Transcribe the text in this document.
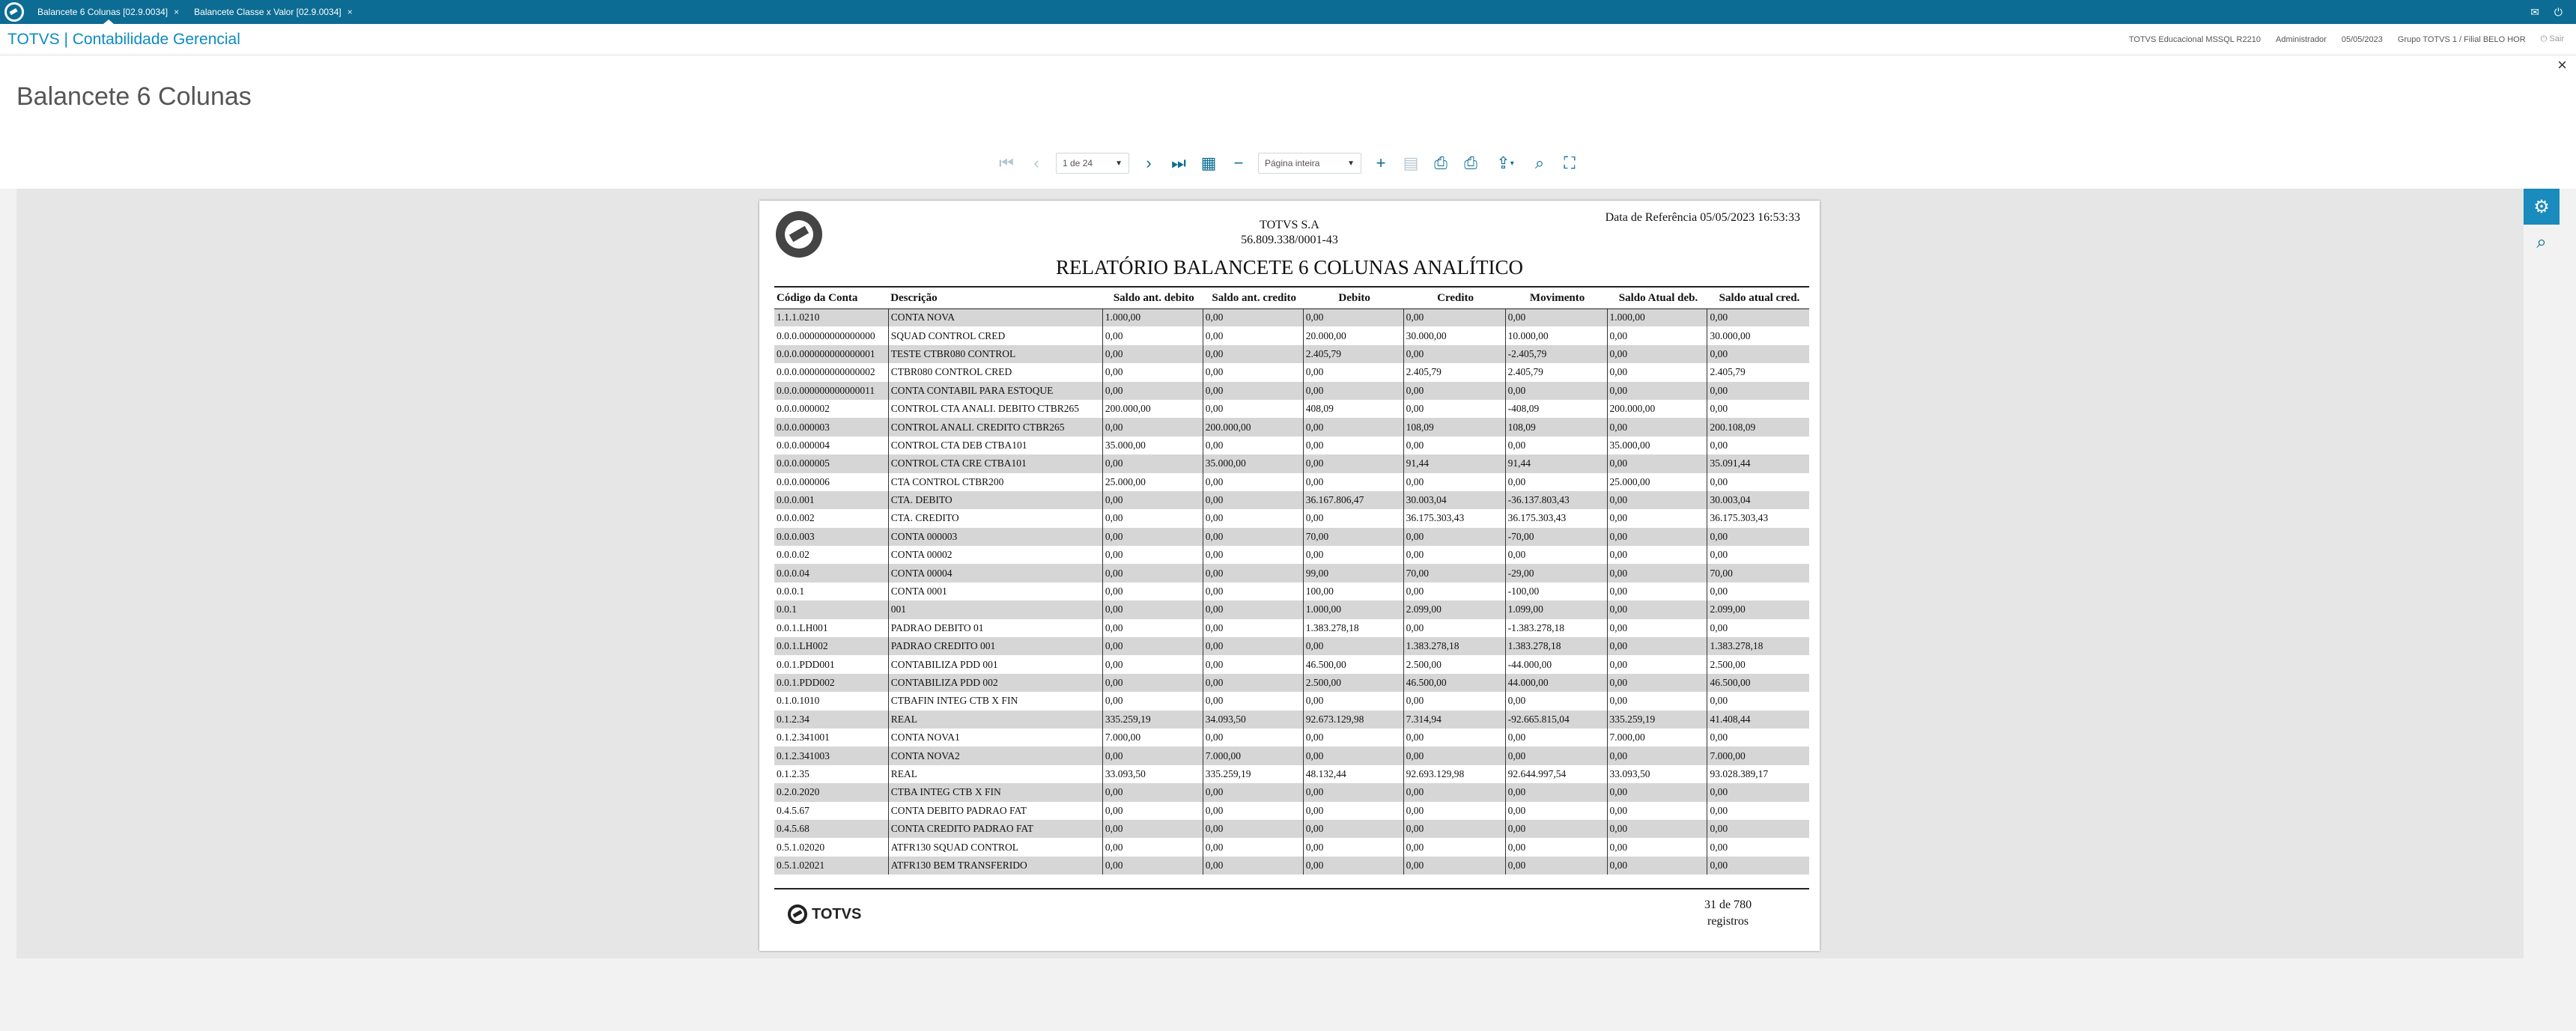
Balancete 6 Colunas [02.9.0034] × Balancete Classe x Valor [02.9.0034] ×	✉ ⏻
TOTVS | Contabilidade Gerencial	TOTVS Educacional MSSQL R2210 Administrador 05/05/2023 Grupo TOTVS 1 / Filial BELO HOR ⏻ Sair
×
Balancete 6 Colunas
⏮	‹	1 de 24	▼	›	⏭ ▦	−	Página inteira	▼	+	▤ ⎙	⎙	⇪ ▾	⌕	⛶
⚙
⌕
TOTVS S.A
56.809.338/0001-43
Data de Referência 05/05/2023 16:53:33
RELATÓRIO BALANCETE 6 COLUNAS ANALÍTICO
Código da Conta	Descrição	Saldo ant. debito	Saldo ant. credito	Debito	Credito	Movimento	Saldo Atual deb.	Saldo atual cred.
1.1.1.0210	CONTA NOVA	1.000,00	0,00	0,00	0,00	0,00	1.000,00	0,00
0.0.0.000000000000000	SQUAD CONTROL CRED	0,00	0,00	20.000,00	30.000,00	10.000,00	0,00	30.000,00
0.0.0.000000000000001	TESTE CTBR080 CONTROL	0,00	0,00	2.405,79	0,00	-2.405,79	0,00	0,00
0.0.0.000000000000002	CTBR080 CONTROL CRED	0,00	0,00	0,00	2.405,79	2.405,79	0,00	2.405,79
0.0.0.000000000000011	CONTA CONTABIL PARA ESTOQUE	0,00	0,00	0,00	0,00	0,00	0,00	0,00
0.0.0.000002	CONTROL CTA ANALI. DEBITO CTBR265	200.000,00	0,00	408,09	0,00	-408,09	200.000,00	0,00
0.0.0.000003	CONTROL ANALI. CREDITO CTBR265	0,00	200.000,00	0,00	108,09	108,09	0,00	200.108,09
0.0.0.000004	CONTROL CTA DEB CTBA101	35.000,00	0,00	0,00	0,00	0,00	35.000,00	0,00
0.0.0.000005	CONTROL CTA CRE CTBA101	0,00	35.000,00	0,00	91,44	91,44	0,00	35.091,44
0.0.0.000006	CTA CONTROL CTBR200	25.000,00	0,00	0,00	0,00	0,00	25.000,00	0,00
0.0.0.001	CTA. DEBITO	0,00	0,00	36.167.806,47	30.003,04	-36.137.803,43	0,00	30.003,04
0.0.0.002	CTA. CREDITO	0,00	0,00	0,00	36.175.303,43	36.175.303,43	0,00	36.175.303,43
0.0.0.003	CONTA 000003	0,00	0,00	70,00	0,00	-70,00	0,00	0,00
0.0.0.02	CONTA 00002	0,00	0,00	0,00	0,00	0,00	0,00	0,00
0.0.0.04	CONTA 00004	0,00	0,00	99,00	70,00	-29,00	0,00	70,00
0.0.0.1	CONTA 0001	0,00	0,00	100,00	0,00	-100,00	0,00	0,00
0.0.1	001	0,00	0,00	1.000,00	2.099,00	1.099,00	0,00	2.099,00
0.0.1.LH001	PADRAO DEBITO 01	0,00	0,00	1.383.278,18	0,00	-1.383.278,18	0,00	0,00
0.0.1.LH002	PADRAO CREDITO 001	0,00	0,00	0,00	1.383.278,18	1.383.278,18	0,00	1.383.278,18
0.0.1.PDD001	CONTABILIZA PDD 001	0,00	0,00	46.500,00	2.500,00	-44.000,00	0,00	2.500,00
0.0.1.PDD002	CONTABILIZA PDD 002	0,00	0,00	2.500,00	46.500,00	44.000,00	0,00	46.500,00
0.1.0.1010	CTBAFIN INTEG CTB X FIN	0,00	0,00	0,00	0,00	0,00	0,00	0,00
0.1.2.34	REAL	335.259,19	34.093,50	92.673.129,98	7.314,94	-92.665.815,04	335.259,19	41.408,44
0.1.2.341001	CONTA NOVA1	7.000,00	0,00	0,00	0,00	0,00	7.000,00	0,00
0.1.2.341003	CONTA NOVA2	0,00	7.000,00	0,00	0,00	0,00	0,00	7.000,00
0.1.2.35	REAL	33.093,50	335.259,19	48.132,44	92.693.129,98	92.644.997,54	33.093,50	93.028.389,17
0.2.0.2020	CTBA INTEG CTB X FIN	0,00	0,00	0,00	0,00	0,00	0,00	0,00
0.4.5.67	CONTA DEBITO PADRAO FAT	0,00	0,00	0,00	0,00	0,00	0,00	0,00
0.4.5.68	CONTA CREDITO PADRAO FAT	0,00	0,00	0,00	0,00	0,00	0,00	0,00
0.5.1.02020	ATFR130 SQUAD CONTROL	0,00	0,00	0,00	0,00	0,00	0,00	0,00
0.5.1.02021	ATFR130 BEM TRANSFERIDO	0,00	0,00	0,00	0,00	0,00	0,00	0,00
TOTVS
31 de 780
registros
